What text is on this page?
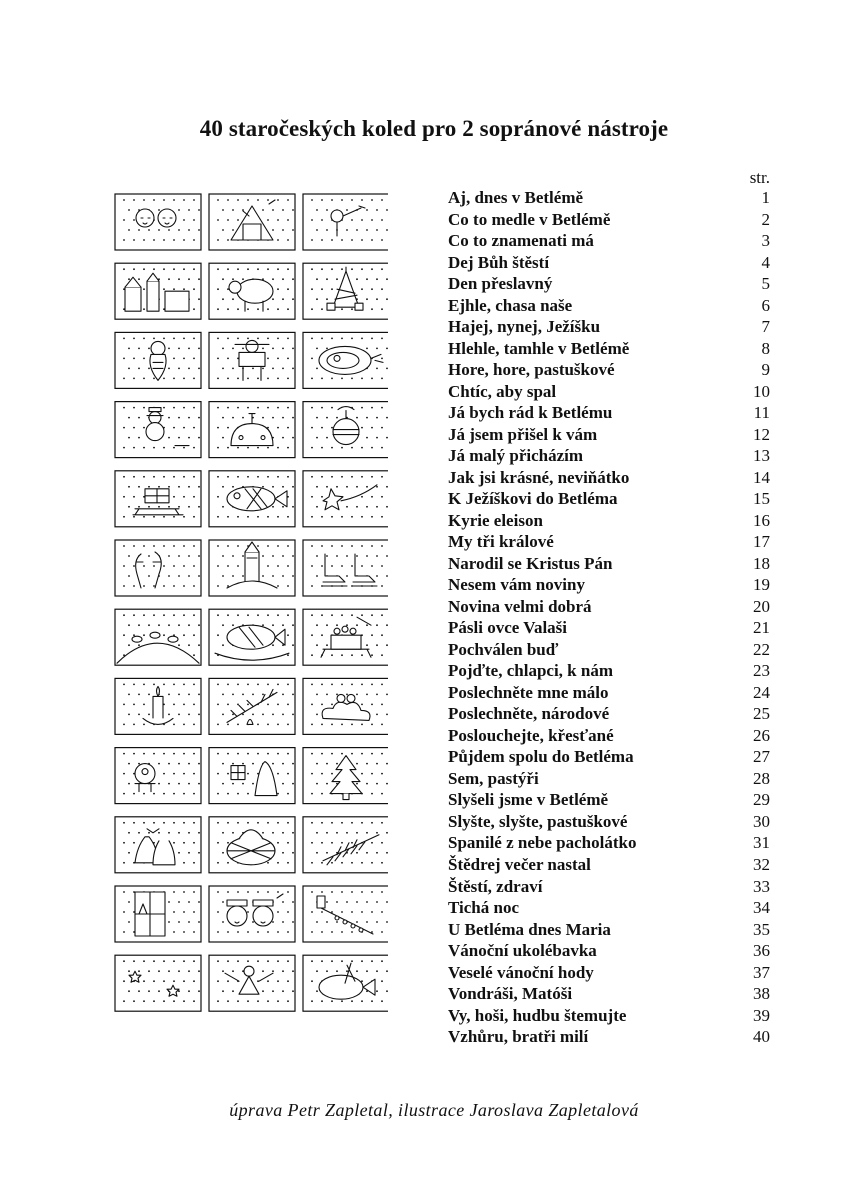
40 staročeských koled pro 2 sopránové nástroje
str.
Aj, dnes v Betlémě	1
Co to medle v Betlémě	2
Co to znamenati má	3
Dej Bůh štěstí	4
Den přeslavný	5
Ejhle, chasa naše	6
Hajej, nynej, Ježíšku	7
Hlehle, tamhle v Betlémě	8
Hore, hore, pastuškové	9
Chtíc, aby spal	10
Já bych rád k Betlému	11
Já jsem přišel k vám	12
Já malý přicházím	13
Jak jsi krásné, neviňátko	14
K Ježíškovi do Betléma	15
Kyrie eleison	16
My tři králové	17
Narodil se Kristus Pán	18
Nesem vám noviny	19
Novina velmi dobrá	20
Pásli ovce Valaši	21
Pochválen buď	22
Pojďte, chlapci, k nám	23
Poslechněte mne málo	24
Poslechněte, národové	25
Poslouchejte, křesťané	26
Půjdem spolu do Betléma	27
Sem, pastýři	28
Slyšeli jsme v Betlémě	29
Slyšte, slyšte, pastuškové	30
Spanilé z nebe pacholátko	31
Štědrej večer nastal	32
Štěstí, zdraví	33
Tichá noc	34
U Betléma dnes Maria	35
Vánoční ukolébavka	36
Veselé vánoční hody	37
Vondráši, Matóši	38
Vy, hoši, hudbu štemujte	39
Vzhůru, bratři milí	40
úprava Petr Zapletal, ilustrace Jaroslava Zapletalová
